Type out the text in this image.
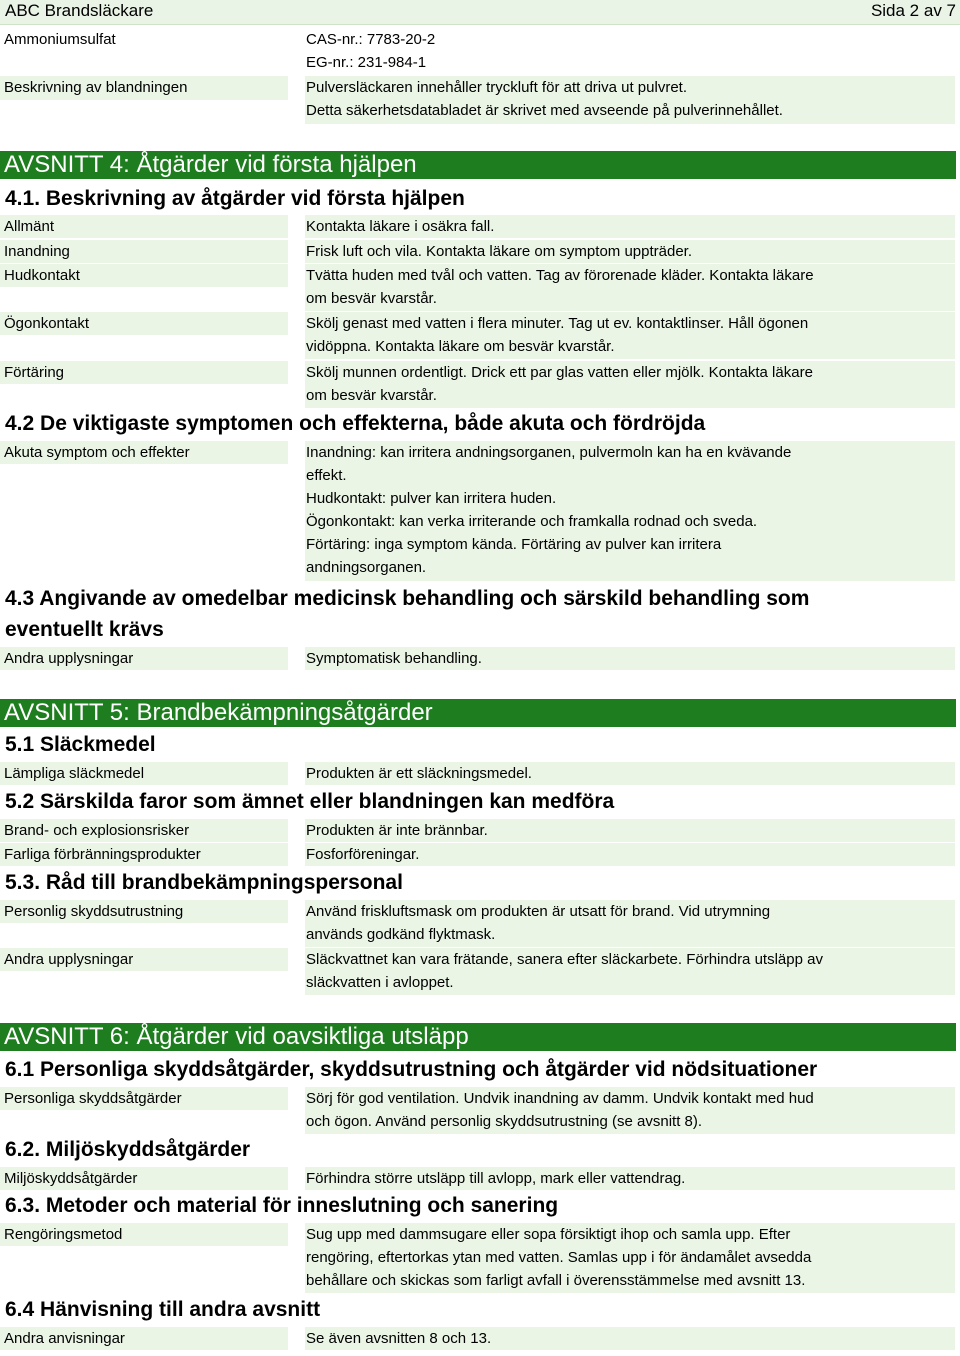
ABC Brandsläckare	Sida 2 av 7
Ammoniumsulfat	CAS-nr.: 7783-20-2
EG-nr.: 231-984-1
Beskrivning av blandningen	Pulversläckaren innehåller tryckluft för att driva ut pulvret.
Detta säkerhetsdatabladet är skrivet med avseende på pulverinnehållet.
AVSNITT 4: Åtgärder vid första hjälpen
4.1. Beskrivning av åtgärder vid första hjälpen
Allmänt	Kontakta läkare i osäkra fall.
Inandning	Frisk luft och vila. Kontakta läkare om symptom uppträder.
Hudkontakt	Tvätta huden med tvål och vatten. Tag av förorenade kläder. Kontakta läkare
om besvär kvarstår.
Ögonkontakt	Skölj genast med vatten i flera minuter. Tag ut ev. kontaktlinser. Håll ögonen
vidöppna. Kontakta läkare om besvär kvarstår.
Förtäring	Skölj munnen ordentligt. Drick ett par glas vatten eller mjölk. Kontakta läkare
om besvär kvarstår.
4.2 De viktigaste symptomen och effekterna, både akuta och fördröjda
Akuta symptom och effekter	Inandning: kan irritera andningsorganen, pulvermoln kan ha en kvävande
effekt.
Hudkontakt: pulver kan irritera huden.
Ögonkontakt: kan verka irriterande och framkalla rodnad och sveda.
Förtäring: inga symptom kända. Förtäring av pulver kan irritera
andningsorganen.
4.3 Angivande av omedelbar medicinsk behandling och särskild behandling som
eventuellt krävs
Andra upplysningar	Symptomatisk behandling.
AVSNITT 5: Brandbekämpningsåtgärder
5.1 Släckmedel
Lämpliga släckmedel	Produkten är ett släckningsmedel.
5.2 Särskilda faror som ämnet eller blandningen kan medföra
Brand- och explosionsrisker	Produkten är inte brännbar.
Farliga förbränningsprodukter	Fosforföreningar.
5.3. Råd till brandbekämpningspersonal
Personlig skyddsutrustning	Använd friskluftsmask om produkten är utsatt för brand. Vid utrymning
används godkänd flyktmask.
Andra upplysningar	Släckvattnet kan vara frätande, sanera efter släckarbete. Förhindra utsläpp av
släckvatten i avloppet.
AVSNITT 6: Åtgärder vid oavsiktliga utsläpp
6.1 Personliga skyddsåtgärder, skyddsutrustning och åtgärder vid nödsituationer
Personliga skyddsåtgärder	Sörj för god ventilation. Undvik inandning av damm. Undvik kontakt med hud
och ögon. Använd personlig skyddsutrustning (se avsnitt 8).
6.2. Miljöskyddsåtgärder
Miljöskyddsåtgärder	Förhindra större utsläpp till avlopp, mark eller vattendrag.
6.3. Metoder och material för inneslutning och sanering
Rengöringsmetod	Sug upp med dammsugare eller sopa försiktigt ihop och samla upp. Efter
rengöring, eftertorkas ytan med vatten. Samlas upp i för ändamålet avsedda
behållare och skickas som farligt avfall i överensstämmelse med avsnitt 13.
6.4 Hänvisning till andra avsnitt
Andra anvisningar	Se även avsnitten 8 och 13.
